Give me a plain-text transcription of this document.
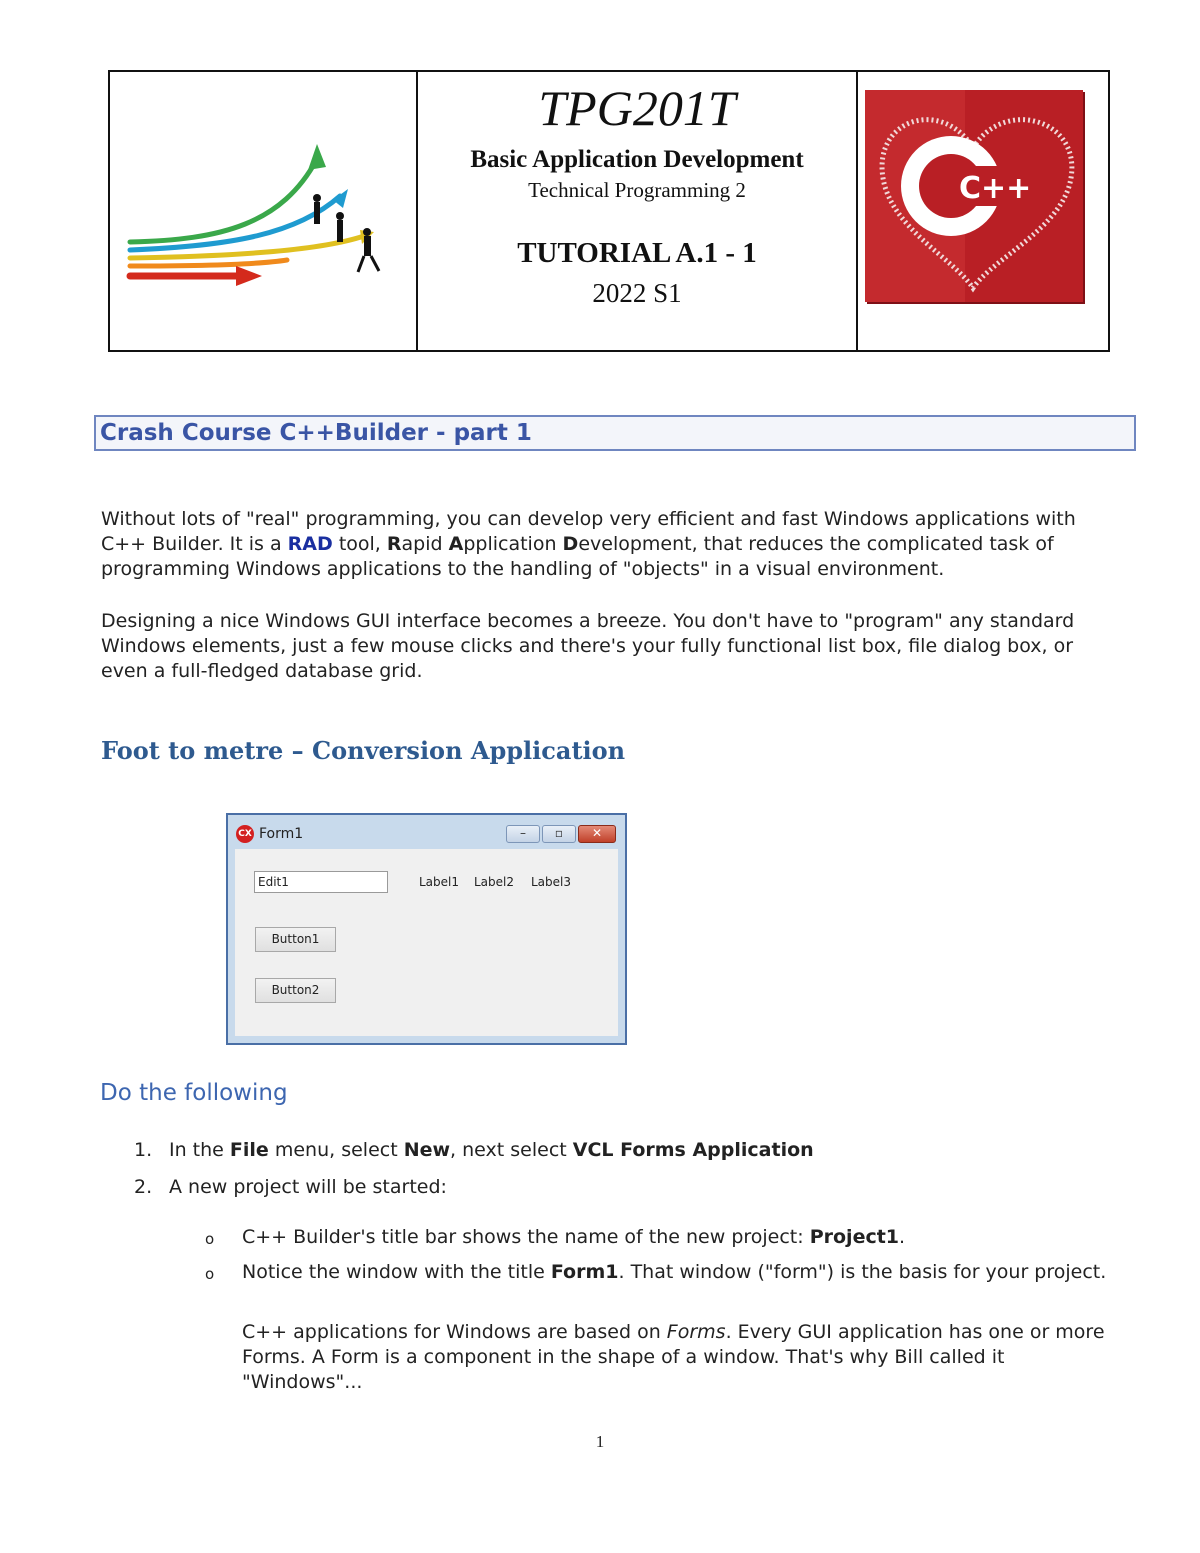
TPG201T
Basic Application Development
Technical Programming 2
TUTORIAL A.1 - 1
2022 S1
C++
Crash Course C++Builder - part 1
Without lots of "real" programming, you can develop very efficient and fast Windows applications with C++ Builder. It is a RAD tool, Rapid Application Development, that reduces the complicated task of programming Windows applications to the handling of "objects" in a visual environment.
Designing a nice Windows GUI interface becomes a breeze. You don't have to "program" any standard Windows elements, just a few mouse clicks and there's your fully functional list box, file dialog box, or even a full-fledged database grid.
Foot to metre – Conversion Application
CX Form1	–	▫	✕
Edit1	Label1 Label2 Label3
Button1
Button2
Do the following
1. In the File menu, select New, next select VCL Forms Application
2. A new project will be started:
o C++ Builder's title bar shows the name of the new project: Project1.
o Notice the window with the title Form1. That window ("form") is the basis for your project.
C++ applications for Windows are based on Forms. Every GUI application has one or more Forms. A Form is a component in the shape of a window. That's why Bill called it "Windows"...
1
